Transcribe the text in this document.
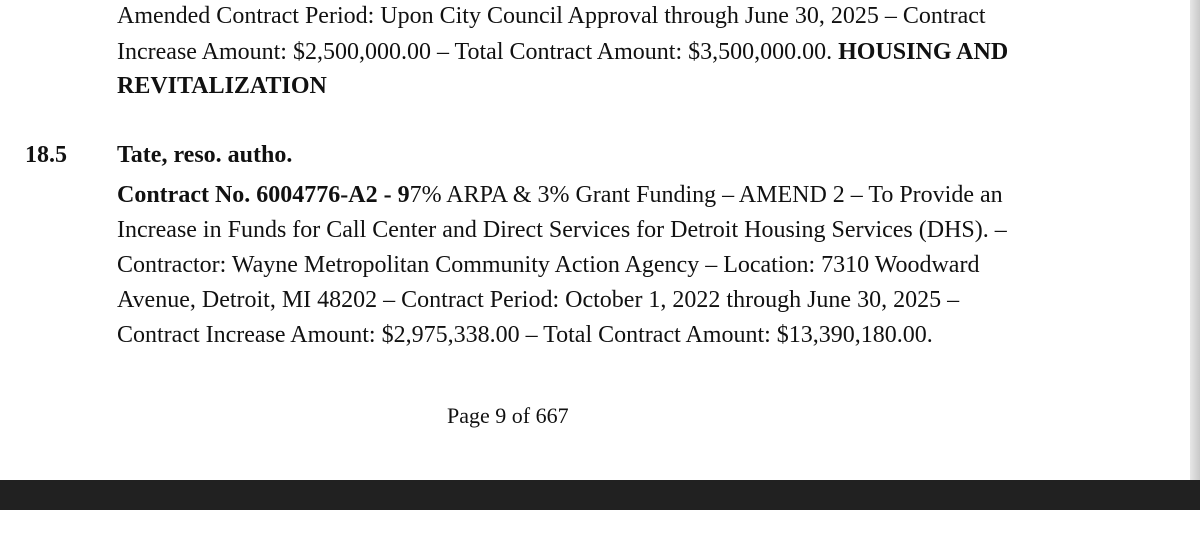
Amended Contract Period: Upon City Council Approval through June 30, 2025 – Contract
Increase Amount: $2,500,000.00 – Total Contract Amount: $3,500,000.00. HOUSING AND
REVITALIZATION
18.5 Tate, reso. autho.
Contract No. 6004776-A2 - 97% ARPA & 3% Grant Funding – AMEND 2 – To Provide an
Increase in Funds for Call Center and Direct Services for Detroit Housing Services (DHS). –
Contractor: Wayne Metropolitan Community Action Agency – Location: 7310 Woodward
Avenue, Detroit, MI 48202 – Contract Period: October 1, 2022 through June 30, 2025 –
Contract Increase Amount: $2,975,338.00 – Total Contract Amount: $13,390,180.00.
Page 9 of 667
